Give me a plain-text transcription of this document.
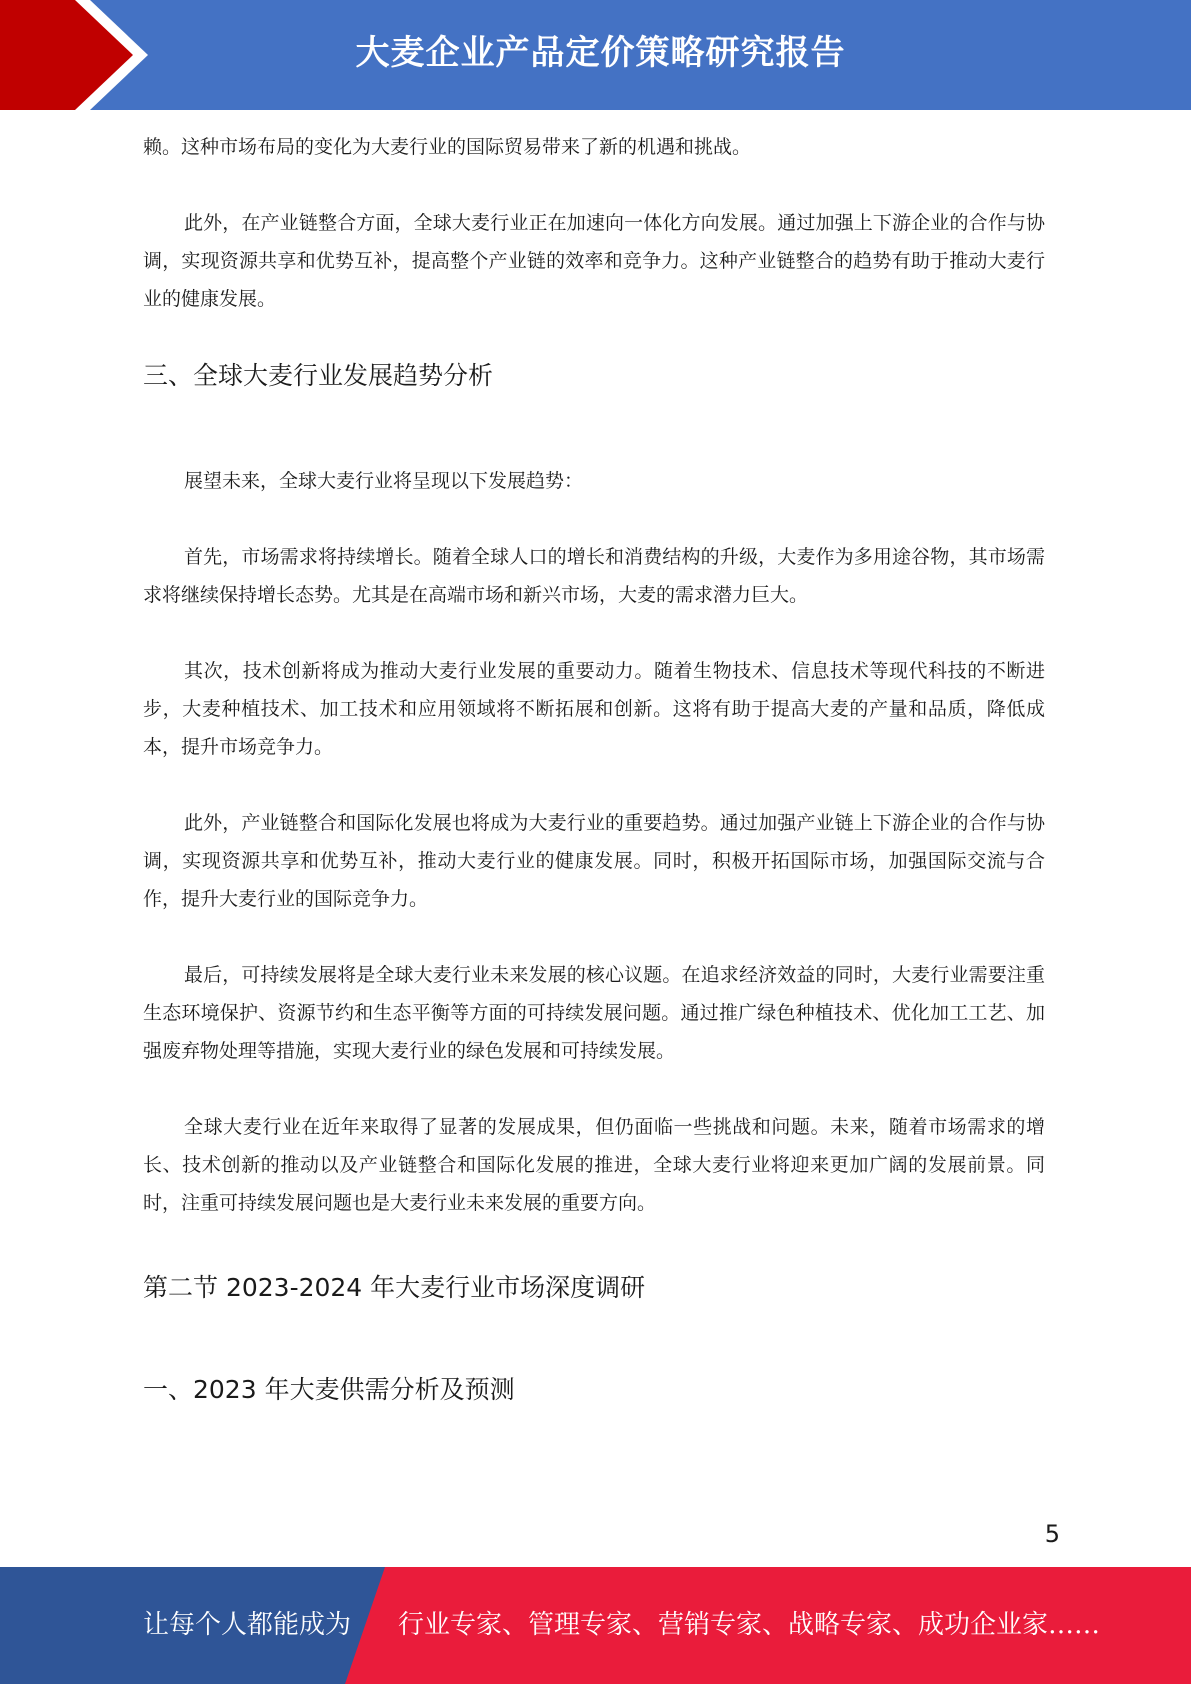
大麦企业产品定价策略研究报告

赖。这种市场布局的变化为大麦行业的国际贸易带来了新的机遇和挑战。

此外，在产业链整合方面，全球大麦行业正在加速向一体化方向发展。通过加强上下游企业的合作与协调，实现资源共享和优势互补，提高整个产业链的效率和竞争力。这种产业链整合的趋势有助于推动大麦行业的健康发展。

三、全球大麦行业发展趋势分析

展望未来，全球大麦行业将呈现以下发展趋势：

首先，市场需求将持续增长。随着全球人口的增长和消费结构的升级，大麦作为多用途谷物，其市场需求将继续保持增长态势。尤其是在高端市场和新兴市场，大麦的需求潜力巨大。

其次，技术创新将成为推动大麦行业发展的重要动力。随着生物技术、信息技术等现代科技的不断进步，大麦种植技术、加工技术和应用领域将不断拓展和创新。这将有助于提高大麦的产量和品质，降低成本，提升市场竞争力。

此外，产业链整合和国际化发展也将成为大麦行业的重要趋势。通过加强产业链上下游企业的合作与协调，实现资源共享和优势互补，推动大麦行业的健康发展。同时，积极开拓国际市场，加强国际交流与合作，提升大麦行业的国际竞争力。

最后，可持续发展将是全球大麦行业未来发展的核心议题。在追求经济效益的同时，大麦行业需要注重生态环境保护、资源节约和生态平衡等方面的可持续发展问题。通过推广绿色种植技术、优化加工工艺、加强废弃物处理等措施，实现大麦行业的绿色发展和可持续发展。

全球大麦行业在近年来取得了显著的发展成果，但仍面临一些挑战和问题。未来，随着市场需求的增长、技术创新的推动以及产业链整合和国际化发展的推进，全球大麦行业将迎来更加广阔的发展前景。同时，注重可持续发展问题也是大麦行业未来发展的重要方向。

第二节 2023-2024 年大麦行业市场深度调研
一、2023 年大麦供需分析及预测
5
让每个人都能成为 行业专家、管理专家、营销专家、战略专家、成功企业家……
